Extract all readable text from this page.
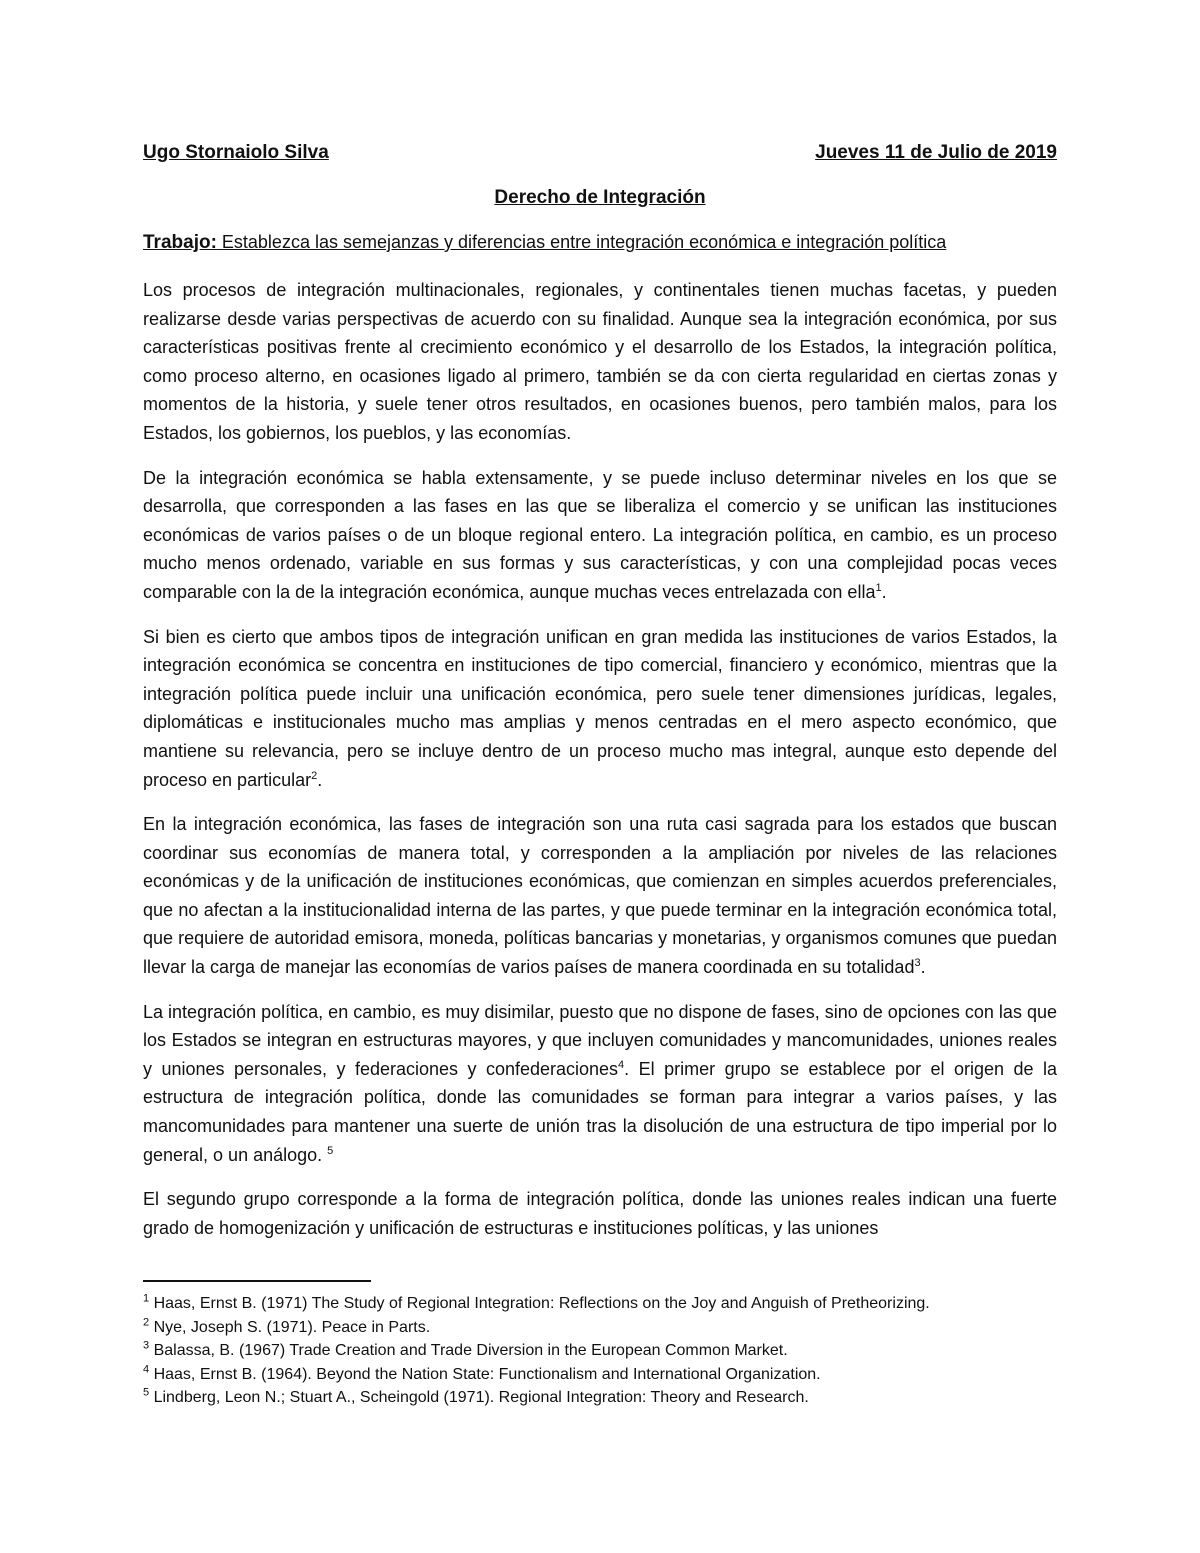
Ugo Stornaiolo Silva	Jueves 11 de Julio de 2019
Derecho de Integración
Trabajo: Establezca las semejanzas y diferencias entre integración económica e integración política

Los procesos de integración multinacionales, regionales, y continentales tienen muchas facetas, y pueden realizarse desde varias perspectivas de acuerdo con su finalidad. Aunque sea la integración económica, por sus características positivas frente al crecimiento económico y el desarrollo de los Estados, la integración política, como proceso alterno, en ocasiones ligado al primero, también se da con cierta regularidad en ciertas zonas y momentos de la historia, y suele tener otros resultados, en ocasiones buenos, pero también malos, para los Estados, los gobiernos, los pueblos, y las economías.

De la integración económica se habla extensamente, y se puede incluso determinar niveles en los que se desarrolla, que corresponden a las fases en las que se liberaliza el comercio y se unifican las instituciones económicas de varios países o de un bloque regional entero. La integración política, en cambio, es un proceso mucho menos ordenado, variable en sus formas y sus características, y con una complejidad pocas veces comparable con la de la integración económica, aunque muchas veces entrelazada con ella$^1$.

Si bien es cierto que ambos tipos de integración unifican en gran medida las instituciones de varios Estados, la integración económica se concentra en instituciones de tipo comercial, financiero y económico, mientras que la integración política puede incluir una unificación económica, pero suele tener dimensiones jurídicas, legales, diplomáticas e institucionales mucho mas amplias y menos centradas en el mero aspecto económico, que mantiene su relevancia, pero se incluye dentro de un proceso mucho mas integral, aunque esto depende del proceso en particular$^2$.

En la integración económica, las fases de integración son una ruta casi sagrada para los estados que buscan coordinar sus economías de manera total, y corresponden a la ampliación por niveles de las relaciones económicas y de la unificación de instituciones económicas, que comienzan en simples acuerdos preferenciales, que no afectan a la institucionalidad interna de las partes, y que puede terminar en la integración económica total, que requiere de autoridad emisora, moneda, políticas bancarias y monetarias, y organismos comunes que puedan llevar la carga de manejar las economías de varios países de manera coordinada en su totalidad$^3$.

La integración política, en cambio, es muy disimilar, puesto que no dispone de fases, sino de opciones con las que los Estados se integran en estructuras mayores, y que incluyen comunidades y mancomunidades, uniones reales y uniones personales, y federaciones y confederaciones$^4$. El primer grupo se establece por el origen de la estructura de integración política, donde las comunidades se forman para integrar a varios países, y las mancomunidades para mantener una suerte de unión tras la disolución de una estructura de tipo imperial por lo general, o un análogo. $^5$

El segundo grupo corresponde a la forma de integración política, donde las uniones reales indican una fuerte grado de homogenización y unificación de estructuras e instituciones políticas, y las uniones

$^1$ Haas, Ernst B. (1971) The Study of Regional Integration: Reflections on the Joy and Anguish of Pretheorizing.
$^2$ Nye, Joseph S. (1971). Peace in Parts.
$^3$ Balassa, B. (1967) Trade Creation and Trade Diversion in the European Common Market.
$^4$ Haas, Ernst B. (1964). Beyond the Nation State: Functionalism and International Organization.
$^5$ Lindberg, Leon N.; Stuart A., Scheingold (1971). Regional Integration: Theory and Research.
